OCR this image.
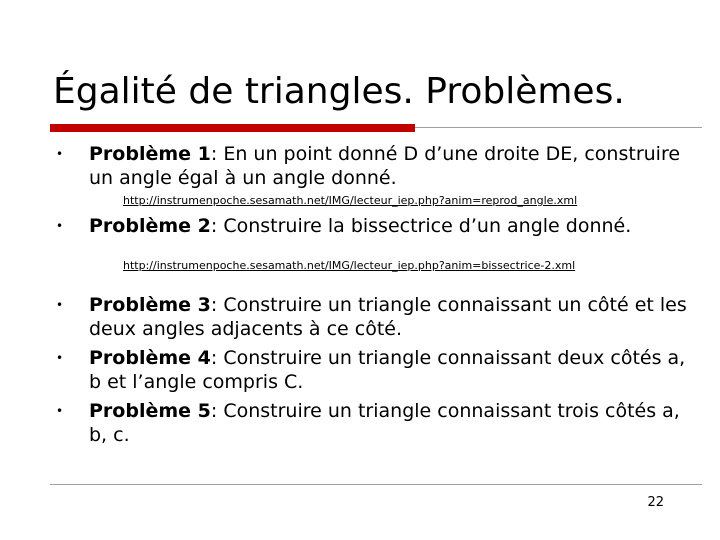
Égalité de triangles. Problèmes.
• Problème 1: En un point donné D d’une droite DE, construire un angle égal à un angle donné.
http://instrumenpoche.sesamath.net/IMG/lecteur_iep.php?anim=reprod_angle.xml
• Problème 2: Construire la bissectrice d’un angle donné.
http://instrumenpoche.sesamath.net/IMG/lecteur_iep.php?anim=bissectrice-2.xml
• Problème 3: Construire un triangle connaissant un côté et les deux angles adjacents à ce côté.
• Problème 4: Construire un triangle connaissant deux côtés a, b et l’angle compris C.
• Problème 5: Construire un triangle connaissant trois côtés a, b, c.
22
